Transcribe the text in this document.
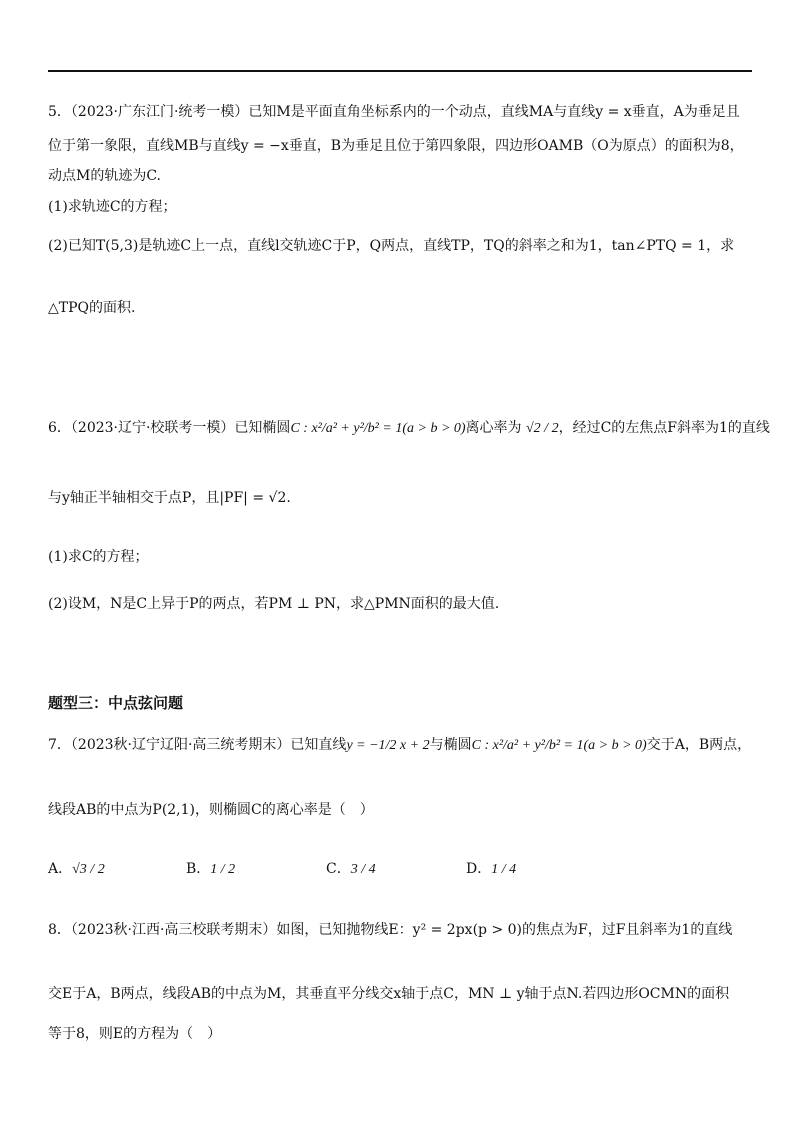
5．（2023·广东江门·统考一模）已知M是平面直角坐标系内的一个动点，直线MA与直线y = x垂直，A为垂足且
位于第一象限，直线MB与直线y = −x垂直，B为垂足且位于第四象限，四边形OAMB（O为原点）的面积为8，
动点M的轨迹为C.
(1)求轨迹C的方程；
(2)已知T(5,3)是轨迹C上一点，直线l交轨迹C于P，Q两点，直线TP，TQ的斜率之和为1，tan∠PTQ = 1，求
△TPQ的面积.
6．（2023·辽宁·校联考一模）已知椭圆C : x²/a² + y²/b² = 1(a > b > 0)离心率为 √2 / 2，经过C的左焦点F斜率为1的直线
与y轴正半轴相交于点P，且|PF| = √2.
(1)求C的方程；
(2)设M，N是C上异于P的两点，若PM ⊥ PN，求△PMN面积的最大值.
题型三：中点弦问题
7．（2023秋·辽宁辽阳·高三统考期末）已知直线y = −1/2 x + 2与椭圆C : x²/a² + y²/b² = 1(a > b > 0)交于A，B两点，
线段AB的中点为P(2,1)，则椭圆C的离心率是（　）
A．√3 / 2	B．1 / 2	C．3 / 4	D．1 / 4
8．（2023秋·江西·高三校联考期末）如图，已知抛物线E：y² = 2px(p > 0)的焦点为F，过F且斜率为1的直线
交E于A，B两点，线段AB的中点为M，其垂直平分线交x轴于点C，MN ⊥ y轴于点N.若四边形OCMN的面积
等于8，则E的方程为（　）
